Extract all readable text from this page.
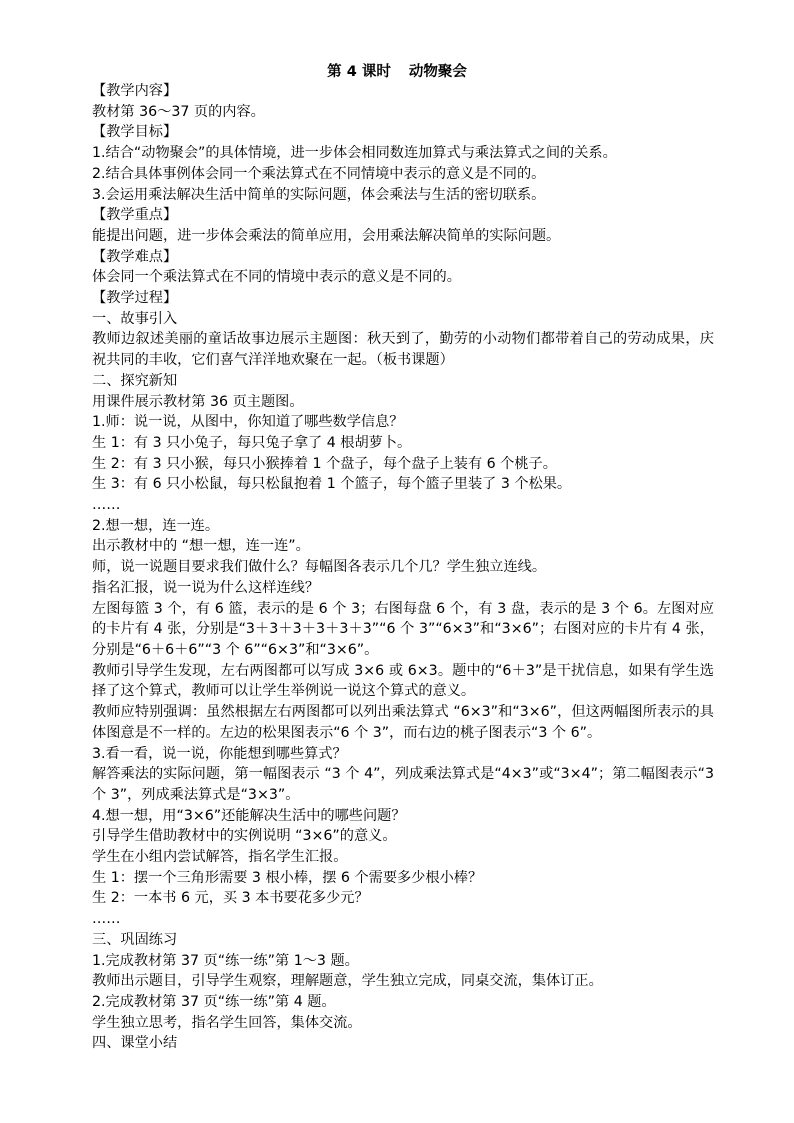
第 4 课时 动物聚会

【教学内容】

教材第 36～37 页的内容。

【教学目标】

1.结合“动物聚会”的具体情境，进一步体会相同数连加算式与乘法算式之间的关系。

2.结合具体事例体会同一个乘法算式在不同情境中表示的意义是不同的。

3.会运用乘法解决生活中简单的实际问题，体会乘法与生活的密切联系。

【教学重点】

能提出问题，进一步体会乘法的简单应用，会用乘法解决简单的实际问题。

【教学难点】

体会同一个乘法算式在不同的情境中表示的意义是不同的。

【教学过程】

一、故事引入

教师边叙述美丽的童话故事边展示主题图：秋天到了，勤劳的小动物们都带着自己的劳动成果，庆祝共同的丰收，它们喜气洋洋地欢聚在一起。（板书课题）

二、探究新知

用课件展示教材第 36 页主题图。

1.师：说一说，从图中，你知道了哪些数学信息？

生 1：有 3 只小兔子，每只兔子拿了 4 根胡萝卜。

生 2：有 3 只小猴，每只小猴捧着 1 个盘子，每个盘子上装有 6 个桃子。

生 3：有 6 只小松鼠，每只松鼠抱着 1 个篮子，每个篮子里装了 3 个松果。

……

2.想一想，连一连。

出示教材中的 “想一想，连一连”。

师，说一说题目要求我们做什么？每幅图各表示几个几？学生独立连线。

指名汇报，说一说为什么这样连线？

左图每篮 3 个，有 6 篮，表示的是 6 个 3；右图每盘 6 个，有 3 盘，表示的是 3 个 6。左图对应的卡片有 4 张，分别是“3＋3＋3＋3＋3＋3”“6 个 3”“6×3”和“3×6”；右图对应的卡片有 4 张，分别是“6＋6＋6”“3 个 6”“6×3”和“3×6”。

教师引导学生发现，左右两图都可以写成 3×6 或 6×3。题中的“6＋3”是干扰信息，如果有学生选择了这个算式，教师可以让学生举例说一说这个算式的意义。

教师应特别强调：虽然根据左右两图都可以列出乘法算式 “6×3”和“3×6”，但这两幅图所表示的具体图意是不一样的。左边的松果图表示“6 个 3”，而右边的桃子图表示“3 个 6”。

3.看一看，说一说，你能想到哪些算式？

解答乘法的实际问题，第一幅图表示 “3 个 4”，列成乘法算式是“4×3”或“3×4”；第二幅图表示“3 个 3”，列成乘法算式是“3×3”。

4.想一想，用“3×6”还能解决生活中的哪些问题？

引导学生借助教材中的实例说明 “3×6”的意义。

学生在小组内尝试解答，指名学生汇报。

生 1：摆一个三角形需要 3 根小棒，摆 6 个需要多少根小棒？

生 2：一本书 6 元，买 3 本书要花多少元？

……

三、巩固练习

1.完成教材第 37 页“练一练”第 1～3 题。

教师出示题目，引导学生观察，理解题意，学生独立完成，同桌交流，集体订正。

2.完成教材第 37 页“练一练”第 4 题。

学生独立思考，指名学生回答，集体交流。

四、课堂小结
